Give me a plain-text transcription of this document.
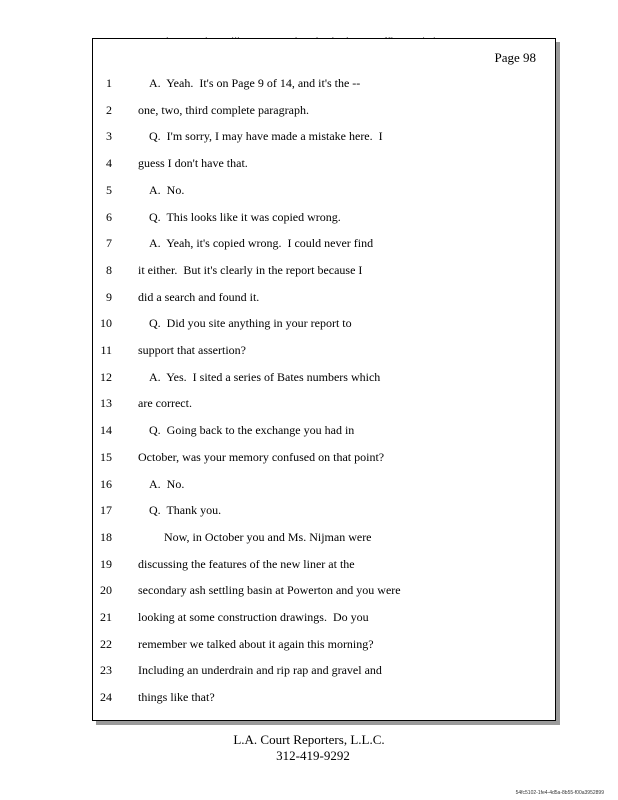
Page 98
1	A.  Yeah.  It's on Page 9 of 14, and it's the --
2 one, two, third complete paragraph.
3	Q.  I'm sorry, I may have made a mistake here.  I
4 guess I don't have that.
5	A.  No.
6	Q.  This looks like it was copied wrong.
7	A.  Yeah, it's copied wrong.  I could never find
8 it either.  But it's clearly in the report because I
9 did a search and found it.
10	Q.  Did you site anything in your report to
11 support that assertion?
12	A.  Yes.  I sited a series of Bates numbers which
13 are correct.
14	Q.  Going back to the exchange you had in
15 October, was your memory confused on that point?
16	A.  No.
17	Q.  Thank you.
18	Now, in October you and Ms. Nijman were
19 discussing the features of the new liner at the
20 secondary ash settling basin at Powerton and you were
21 looking at some construction drawings.  Do you
22 remember we talked about it again this morning?
23 Including an underdrain and rip rap and gravel and
24 things like that?
L.A. Court Reporters, L.L.C.
312-419-9292
54fc5102-1fe4-4d5a-8b55-f00a3952899
